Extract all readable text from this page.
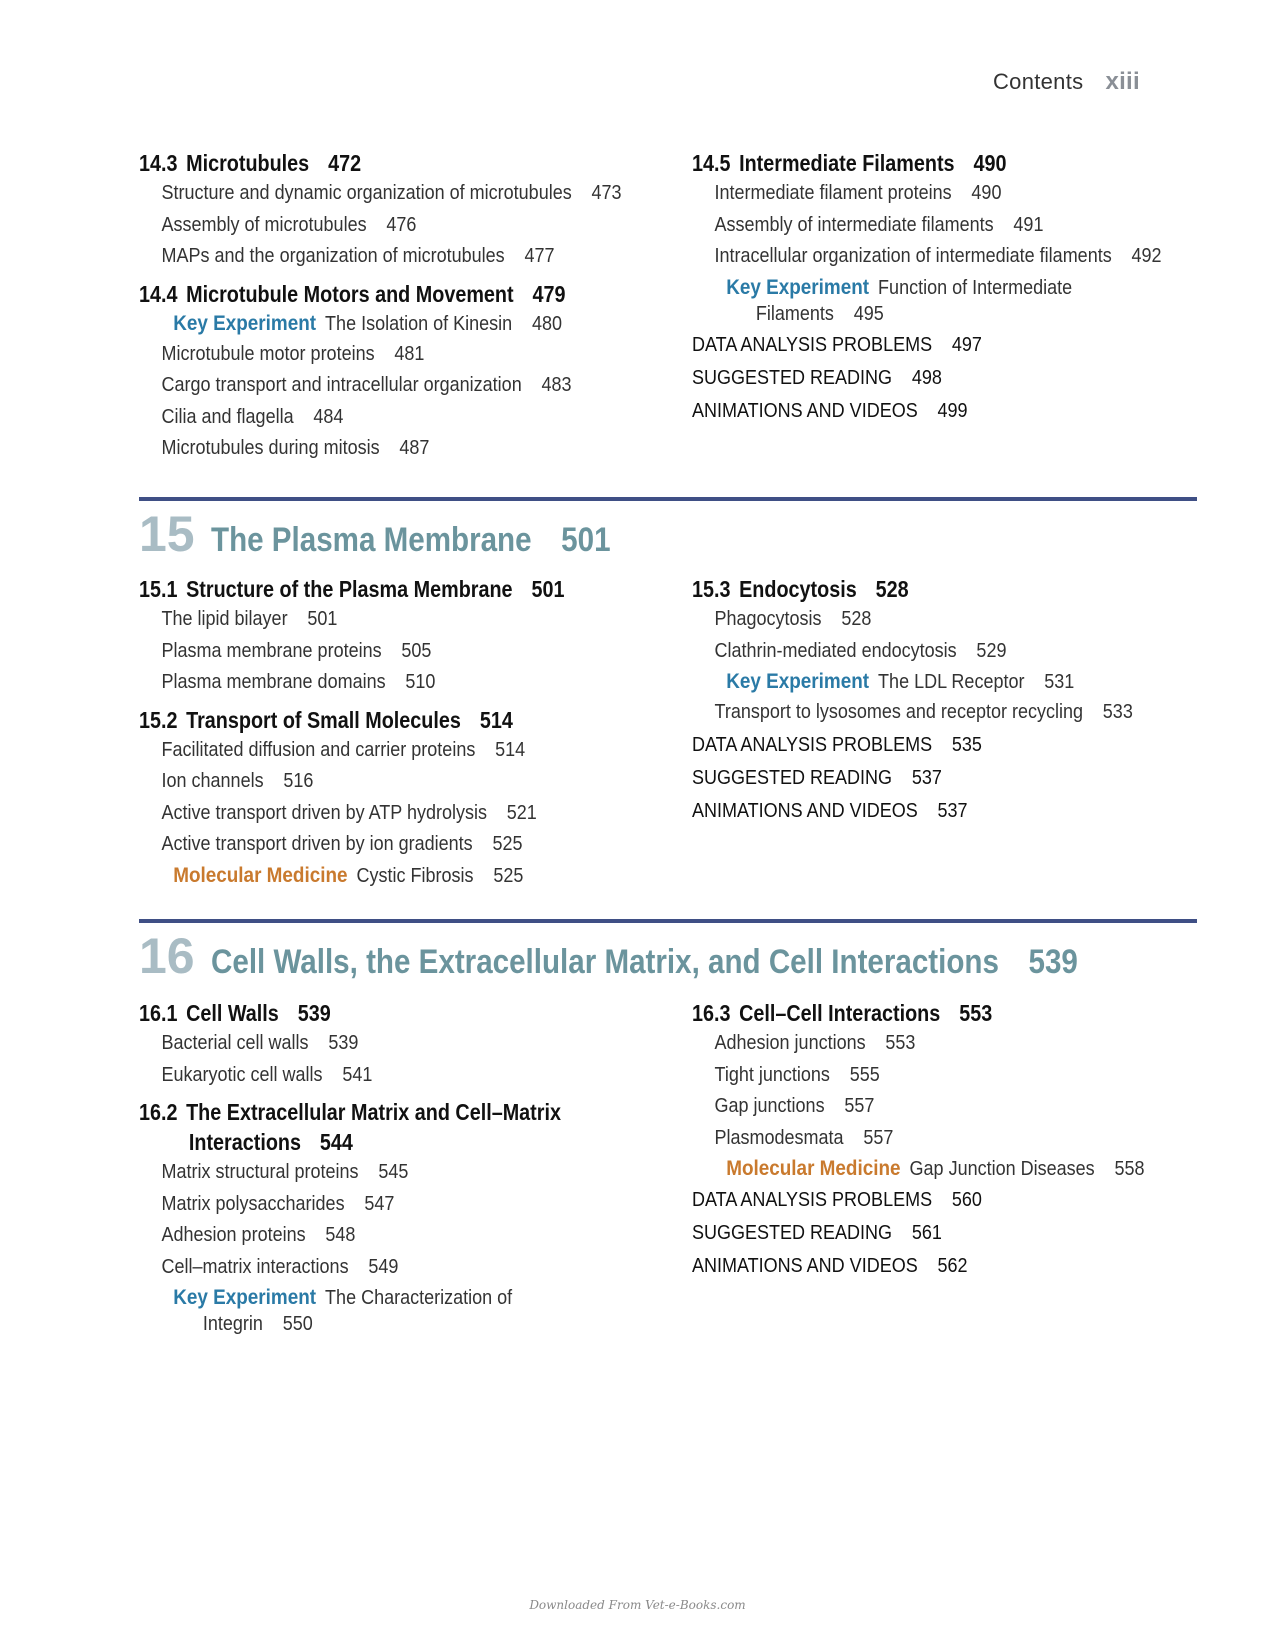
Contents xiii
14.3 Microtubules 472
Structure and dynamic organization of microtubules 473
Assembly of microtubules 476
MAPs and the organization of microtubules 477
14.4 Microtubule Motors and Movement 479
Key Experiment The Isolation of Kinesin 480
Microtubule motor proteins 481
Cargo transport and intracellular organization 483
Cilia and flagella 484
Microtubules during mitosis 487
14.5 Intermediate Filaments 490
Intermediate filament proteins 490
Assembly of intermediate filaments 491
Intracellular organization of intermediate filaments 492
Key Experiment Function of Intermediate
Filaments 495
DATA ANALYSIS PROBLEMS 497
SUGGESTED READING 498
ANIMATIONS AND VIDEOS 499
15 The Plasma Membrane 501
15.1 Structure of the Plasma Membrane 501
The lipid bilayer 501
Plasma membrane proteins 505
Plasma membrane domains 510
15.2 Transport of Small Molecules 514
Facilitated diffusion and carrier proteins 514
Ion channels 516
Active transport driven by ATP hydrolysis 521
Active transport driven by ion gradients 525
Molecular Medicine Cystic Fibrosis 525
15.3 Endocytosis 528
Phagocytosis 528
Clathrin-mediated endocytosis 529
Key Experiment The LDL Receptor 531
Transport to lysosomes and receptor recycling 533
DATA ANALYSIS PROBLEMS 535
SUGGESTED READING 537
ANIMATIONS AND VIDEOS 537
16 Cell Walls, the Extracellular Matrix, and Cell Interactions 539
16.1 Cell Walls 539
Bacterial cell walls 539
Eukaryotic cell walls 541
16.2 The Extracellular Matrix and Cell–Matrix
Interactions 544
Matrix structural proteins 545
Matrix polysaccharides 547
Adhesion proteins 548
Cell–matrix interactions 549
Key Experiment The Characterization of
Integrin 550
16.3 Cell–Cell Interactions 553
Adhesion junctions 553
Tight junctions 555
Gap junctions 557
Plasmodesmata 557
Molecular Medicine Gap Junction Diseases 558
DATA ANALYSIS PROBLEMS 560
SUGGESTED READING 561
ANIMATIONS AND VIDEOS 562
Downloaded From Vet-e-Books.com
